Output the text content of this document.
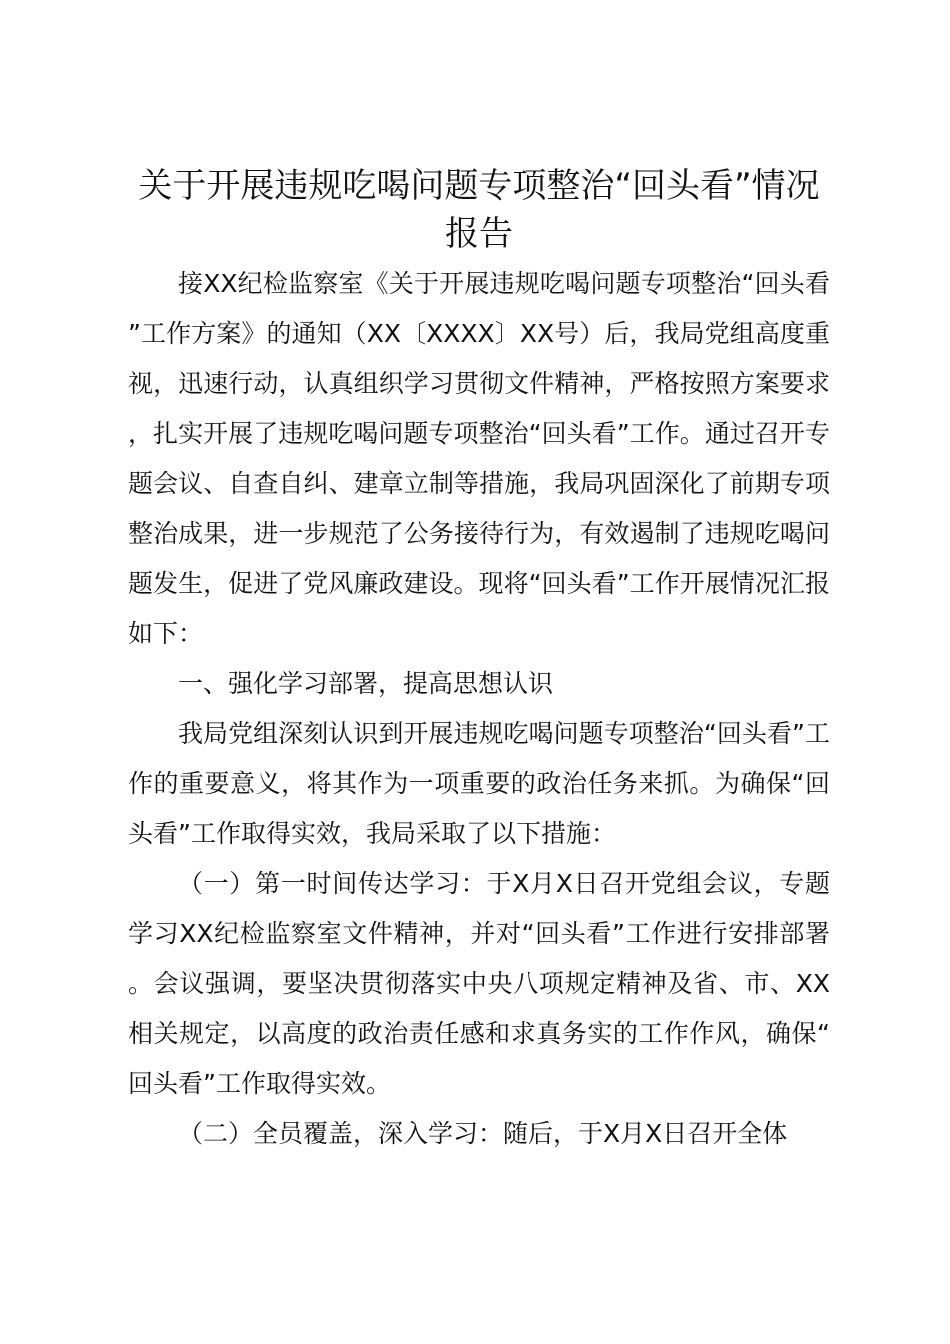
关于开展违规吃喝问题专项整治“回头看”情况报告

接XX纪检监察室《关于开展违规吃喝问题专项整治“回头看”工作方案》的通知（XX〔XXXX〕XX号）后，我局党组高度重视，迅速行动，认真组织学习贯彻文件精神，严格按照方案要求，扎实开展了违规吃喝问题专项整治“回头看”工作。通过召开专题会议、自查自纠、建章立制等措施，我局巩固深化了前期专项整治成果，进一步规范了公务接待行为，有效遏制了违规吃喝问题发生，促进了党风廉政建设。现将“回头看”工作开展情况汇报如下：

一、强化学习部署，提高思想认识

我局党组深刻认识到开展违规吃喝问题专项整治“回头看”工作的重要意义，将其作为一项重要的政治任务来抓。为确保“回头看”工作取得实效，我局采取了以下措施：

（一）第一时间传达学习：于X月X日召开党组会议，专题学习XX纪检监察室文件精神，并对“回头看”工作进行安排部署。会议强调，要坚决贯彻落实中央八项规定精神及省、市、XX相关规定，以高度的政治责任感和求真务实的工作作风，确保“回头看”工作取得实效。

（二）全员覆盖，深入学习：随后，于X月X日召开全体
